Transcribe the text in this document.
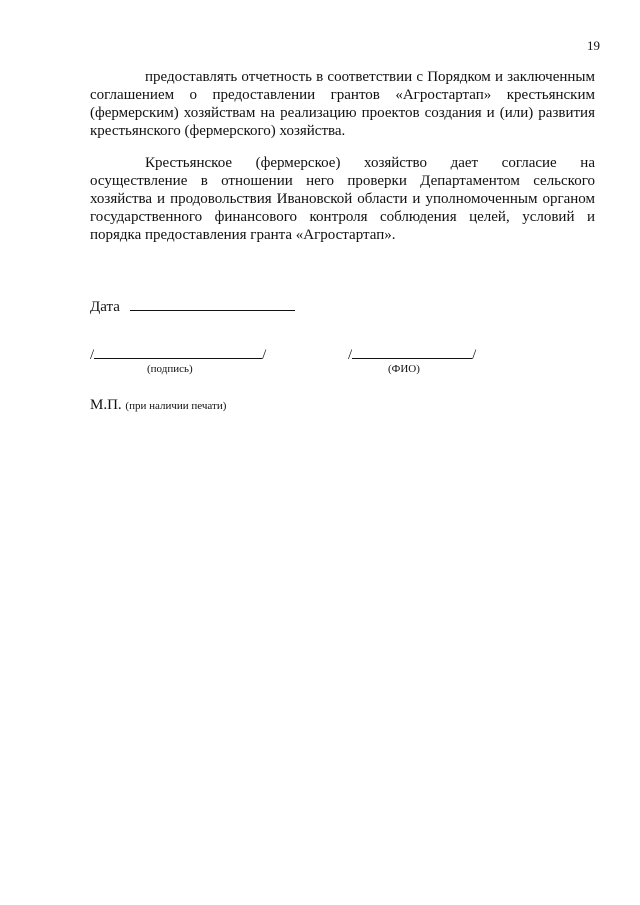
19

предоставлять отчетность в соответствии с Порядком и заключенным соглашением о предоставлении грантов «Агростартап» крестьянским (фермерским) хозяйствам на реализацию проектов создания и (или) развития крестьянского (фермерского) хозяйства.

Крестьянское (фермерское) хозяйство дает согласие на осуществление в отношении него проверки Департаментом сельского хозяйства и продовольствия Ивановской области и уполномоченным органом государственного финансового контроля соблюдения целей, условий и порядка предоставления гранта «Агростартап».

Дата
/	/	/	/
(подпись)	(ФИО)
М.П. (при наличии печати)
